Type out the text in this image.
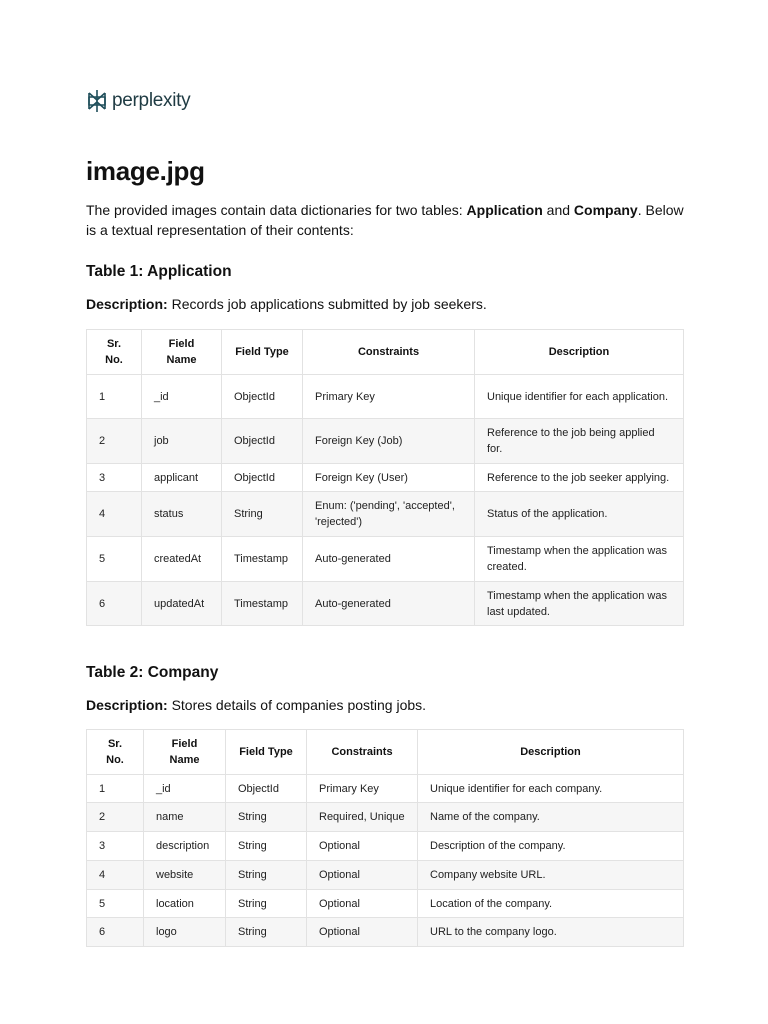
perplexity
image.jpg

The provided images contain data dictionaries for two tables: Application and Company. Below is a textual representation of their contents:

Table 1: Application

Description: Records job applications submitted by job seekers.

Sr. No.	Field Name	Field Type	Constraints	Description
1	_id	ObjectId	Primary Key	Unique identifier for each application.
2	job	ObjectId	Foreign Key (Job)	Reference to the job being applied for.
3	applicant	ObjectId	Foreign Key (User)	Reference to the job seeker applying.
4	status	String	Enum: ('pending', 'accepted', 'rejected')	Status of the application.
5	createdAt	Timestamp	Auto-generated	Timestamp when the application was created.
6	updatedAt	Timestamp	Auto-generated	Timestamp when the application was last updated.
Table 2: Company

Description: Stores details of companies posting jobs.

Sr. No.	Field Name	Field Type	Constraints	Description
1	_id	ObjectId	Primary Key	Unique identifier for each company.
2	name	String	Required, Unique	Name of the company.
3	description	String	Optional	Description of the company.
4	website	String	Optional	Company website URL.
5	location	String	Optional	Location of the company.
6	logo	String	Optional	URL to the company logo.
